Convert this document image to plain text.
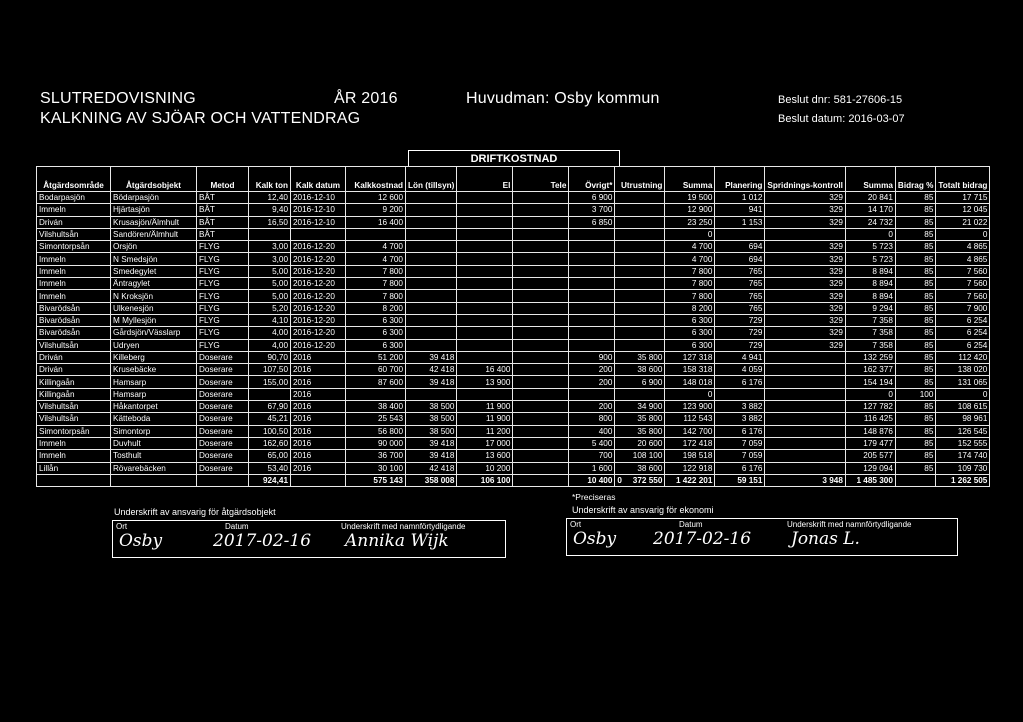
SLUTREDOVISNING	ÅR 2016
KALKNING AV SJÖAR OCH VATTENDRAG
Huvudman: Osby kommun	Beslut dnr: 581-27606-15
Beslut datum: 2016-03-07
DRIFTKOSTNAD
Åtgärdsområde	Åtgärdsobjekt	Metod	Kalk ton	Kalk datum	Kalkkostnad	Lön (tillsyn)	El	Tele	Övrigt*	Utrustning	Summa	Planering	Spridnings-kontroll	Summa	Bidrag %	Totalt bidrag
Bodarpasjön	Bödarpasjön	BÅT	12,40	2016-12-10	12 600				6 900		19 500	1 012	329	20 841	85	17 715
Immeln	Hjärtasjön	BÅT	9,40	2016-12-10	9 200				3 700		12 900	941	329	14 170	85	12 045
Driván	Krusasjön/Älmhult	BÅT	16,50	2016-12-10	16 400				6 850		23 250	1 153	329	24 732	85	21 022
Vilshultsån	Sandören/Älmhult	BÅT									0			0	85	0
Simontorpsån	Orsjön	FLYG	3,00	2016-12-20	4 700						4 700	694	329	5 723	85	4 865
Immeln	N Smedsjön	FLYG	3,00	2016-12-20	4 700						4 700	694	329	5 723	85	4 865
Immeln	Smedegylet	FLYG	5,00	2016-12-20	7 800						7 800	765	329	8 894	85	7 560
Immeln	Äntragylet	FLYG	5,00	2016-12-20	7 800						7 800	765	329	8 894	85	7 560
Immeln	N Kroksjön	FLYG	5,00	2016-12-20	7 800						7 800	765	329	8 894	85	7 560
Bivarödsån	Ulkenesjön	FLYG	5,20	2016-12-20	8 200						8 200	765	329	9 294	85	7 900
Bivarödsån	M Myllesjön	FLYG	4,10	2016-12-20	6 300						6 300	729	329	7 358	85	6 254
Bivarödsån	Gårdsjön/Vässlarp	FLYG	4,00	2016-12-20	6 300						6 300	729	329	7 358	85	6 254
Vilshultsån	Udryen	FLYG	4,00	2016-12-20	6 300						6 300	729	329	7 358	85	6 254
Driván	Killeberg	Doserare	90,70	2016	51 200	39 418			900	35 800	127 318	4 941		132 259	85	112 420
Driván	Krusebäcke	Doserare	107,50	2016	60 700	42 418	16 400		200	38 600	158 318	4 059		162 377	85	138 020
Killingaån	Hamsarp	Doserare	155,00	2016	87 600	39 418	13 900		200	6 900	148 018	6 176		154 194	85	131 065
Killingaån	Hamsarp	Doserare		2016							0			0	100	0
Vilshultsån	Håkantorpet	Doserare	67,90	2016	38 400	38 500	11 900		200	34 900	123 900	3 882		127 782	85	108 615
Vilshultsån	Kätteboda	Doserare	45,21	2016	25 543	38 500	11 900		800	35 800	112 543	3 882		116 425	85	98 961
Simontorpsån	Simontorp	Doserare	100,50	2016	56 800	38 500	11 200		400	35 800	142 700	6 176		148 876	85	126 545
Immeln	Duvhult	Doserare	162,60	2016	90 000	39 418	17 000		5 400	20 600	172 418	7 059		179 477	85	152 555
Immeln	Tosthult	Doserare	65,00	2016	36 700	39 418	13 600		700	108 100	198 518	7 059		205 577	85	174 740
Lillån	Rövarebäcken	Doserare	53,40	2016	30 100	42 418	10 200		1 600	38 600	122 918	6 176		129 094	85	109 730
			924,41		575 143	358 008	106 100		10 400	0 372 550	1 422 201	59 151	3 948	1 485 300		1 262 505
*Preciseras
Underskrift av ansvarig för åtgärdsobjekt
Ort	Datum	Underskrift med namnförtydligande
Osby	2017-02-16 Annika Wijk
Underskrift av ansvarig för ekonomi
Ort	Datum	Underskrift med namnförtydligande
Osby 2017-02-16 Jonas L.
